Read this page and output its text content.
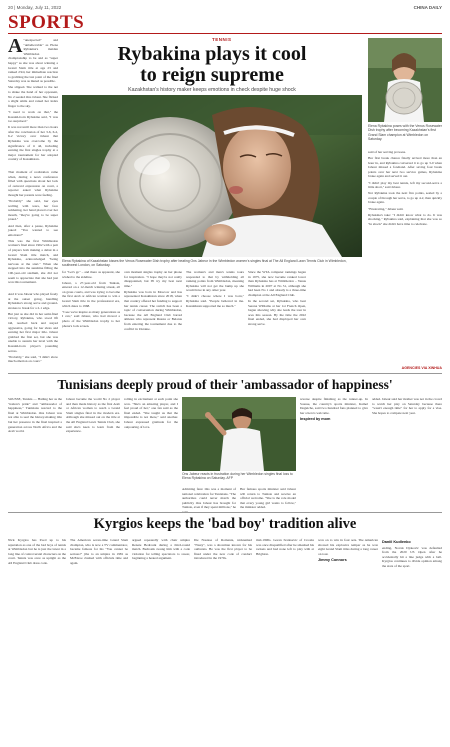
20 | Monday, July 11, 2022	CHINA DAILY
SPORTS

A "unexpected" and "unbelievable" as Elena Rybakina's maiden Wimbledon championship to be and as "super happy" as she was about winning a Grand Slam title at age 23 and ranked 23rd, her immediate reaction to grabbing the last point of the final Saturday was as muted as possible.

She slipped. She walked to the net to shake the hand of her opponent, No 2 seeded Ons Jabeur. She flicked a slight smile and raised her index finger to the sky.

"I need to work on that," the Kazakh-born Rybakina said, "I was too surprised."

It was not until more than two hours after the conclusion of her 3-6, 6-2, 6-2 victory over Jabeur that Rybakina was overcome by the significance of it all, including earning the first singles trophy at a major tournament for her adopted country of Kazakhstan.

TENNIS
Rybakina plays it cool
to reign supreme
Kazakhstan's history maker keeps emotions in check despite huge shock
Elena Rybakina of Kazakhstan kisses the Venus Rosewater Dish trophy after beating Ons Jabeur in the Wimbledon women's singles final at The All England Lawn Tennis Club in Wimbledon, southwest London, on Saturday.
Elena Rybakina poses with the Venus Rosewater Dish trophy after becoming Kazakhstan's first Grand Slam champion at Wimbledon on Saturday.

That moment of realization came when, during a news conference filled with questions about her lack of outward expression on court, a reporter asked what Rybakina thought her parents were feeling.

"Probably" she said, her eyes welling with tears, her face reddening, her hand placed over her mouth, "they're going to be super proud."

And then, after a pause, Rybakina joked: "You wanted to see emotions?"

This was the first Wimbledon women's final since 1962 with a pair of players both making a debut in a Grand Slam title match, and Rybakina, acknowledged "being nervous at the start." When she stepped into the sunshine filling the 100-year-old stadium, she did not seem to appreciate that she had just won this tournament.

And it was Jabeur who played freely at the outset going, handling Rybakina's strong serve and ground-strokes to break for a 2-1 edge.

But just as she did in her semi-final victory, Rybakina, who stood 6ft tall, reached back and stayed aggressive, going for her shots and earning her first major title. Jabeur grabbed the first set, but she was unable to sustain her level with the Kazakh-born player's pounding serves.

"Probably," she said, "I didn't show much emotion on court."

for "Let's go" – and there as apparent, she wished to the sideline.

Jabeur, a 27-year-old from Tunisia, entered on a 12-match winning streak, all on grass courts, and was trying to become the first Arab or African woman to win a Grand Slam title in the professional era, which dates to 1968.

"I see we're inspire as many generations as I can," said Jabeur, who had moved a photo of the Wimbledon trophy to her phone's lock screen.

own moment singles trophy on her phone for inspiration. "I hope they're not really disappointed, but I'll try my best next time."

Rybakina was born in Moscow and has represented Kazakhstan since 2018, when that country offered her funding to support her tennis career. The switch has been a topic of conversation during Wimbledon, because the All England Club barred athletes who represent Russia or Belarus from entering the tournament due to the conflict in Ukraine.

The women's and men's tennis tours responded to that by withholding all ranking points from Wimbledon, meaning Rybakina will not get the bump up she would have in any other year.

"I didn't choose where I was born," Rybakina said. "People believed in me. Kazakhstan supported me so much."

Since the WTA computer rankings began in 1975, she now became ranked lower than Rybakina has at Wimbledon – Venus Williams in 2007 at No 31, although she had been No 1 and already is a three-time champion at the All England Club.

In the second set, Rybakina, who beat Serena Williams at her 1st French Open, began showing why she leads the tour in aces this season. By the time the 2022 final ended, she had displayed her own strong serve.

said of her serving prowess.

Her first break chance finally arrived more than an hour in, and Rybakina converted it to go up 3-0 when Jabeur missed a forehand. After saving four break points over her next two service games, Rybakina broke again and served it out.

"I didn't play my best tennis, left my second-serve a little short," said Jabeur.

Not Rybakina took the next five points, sealed by a couple of through her serve, to go up 4-2, then quickly broke again.

"Frustrating," Jabeur said.

Rybakina's take: "I didn't know what to do. It was shocking," Rybakina said, explaining that she was so "in shock" she didn't have time to celebrate.

AGENCIES VIA XINHUA
Tunisians deeply proud of their 'ambassador of happiness'
SOUSSE, Tunisia — Hailing her as the "nation's pride" and "ambassador of happiness," Tunisians reacted to the final at Wimbledon. Ons Jabeur was not able to seal the history-making title but her presence in the final inspired a generation across North Africa and the Arab world.
Jabeur became the world No 2 player and then made history as the first Arab or African woman to reach a Grand Slam singles final in the modern era. Although she missed out on the title at the All England Lawn Tennis Club, she said she's keen to learn from the experience.
rolling in excitement at each point she won. "She's an amazing player, and I feel proud of her," one fan said as the final ended. "She taught us that the impossible is not there," said another. Jabeur expressed gratitude for the outpouring of love.
Ons Jabeur reacts in frustration during her Wimbledon singles final loss to Elena Rybakina on Saturday. AFP
Admiring fans: this was a moment of national celebration for Tunisians. "The authorities could never match the publicity Ons Jabeur has brought for Tunisia, even if they spent millions," he
Her famous sports minister said Jabeur will return to Tunisia and receive an official welcome. "She is the role model that every young girl wants to follow," the minister added.

reverse despite finishing as the runner-up. In Sousse, the country's sports minister, Kamel Deguiche, said two hundred fans planned to give her a hero's welcome.

Inspired by mom
added. Jabeur said her mother was not in the crowd to watch her play on Saturday because there "wasn't enough time" for her to apply for a visa. She hopes to compete next year.
Kyrgios keeps the 'bad boy' tradition alive
Nick Kyrgios has lived up to his reputation as one of the bad boys of tennis at Wimbledon but he is just the latest in a long line of controversial characters on the court. Tennis was once as uptight as the All England Club dress code.
The American seven-time Grand Slam champion, who is now a TV commentator, became famous for his "You cannot be serious!" jibe to an umpire in 1981 as McEnroe clashed with officials time and again.
argued repeatedly with chair umpire Renate Bedrosik during a third-round match. Bedrosik swung him with a code violation for telling spectators to swear, beginning a heated argument.
Ilie Nastase of Romania, nicknamed "Nasty", was a showman known for his outbursts. He was the first player to be fined under the new code of conduct introduced in the 1970s.

mid-1990s. Goran Ivanisevic of Croatia was once disqualified after he smashed his rackets and had none left to play with at Brighton.

won on to win in four sets. The American showed his explosive temper as he won eight Grand Slam titles during a long career on tour.

Jimmy Connors
Daniil Kudlenko

ending, Novak Djokovic was defaulted from the 2020 US Open after he accidentally hit a line judge with a ball. Kyrgios continues to divide opinion among the stars of the sport.
